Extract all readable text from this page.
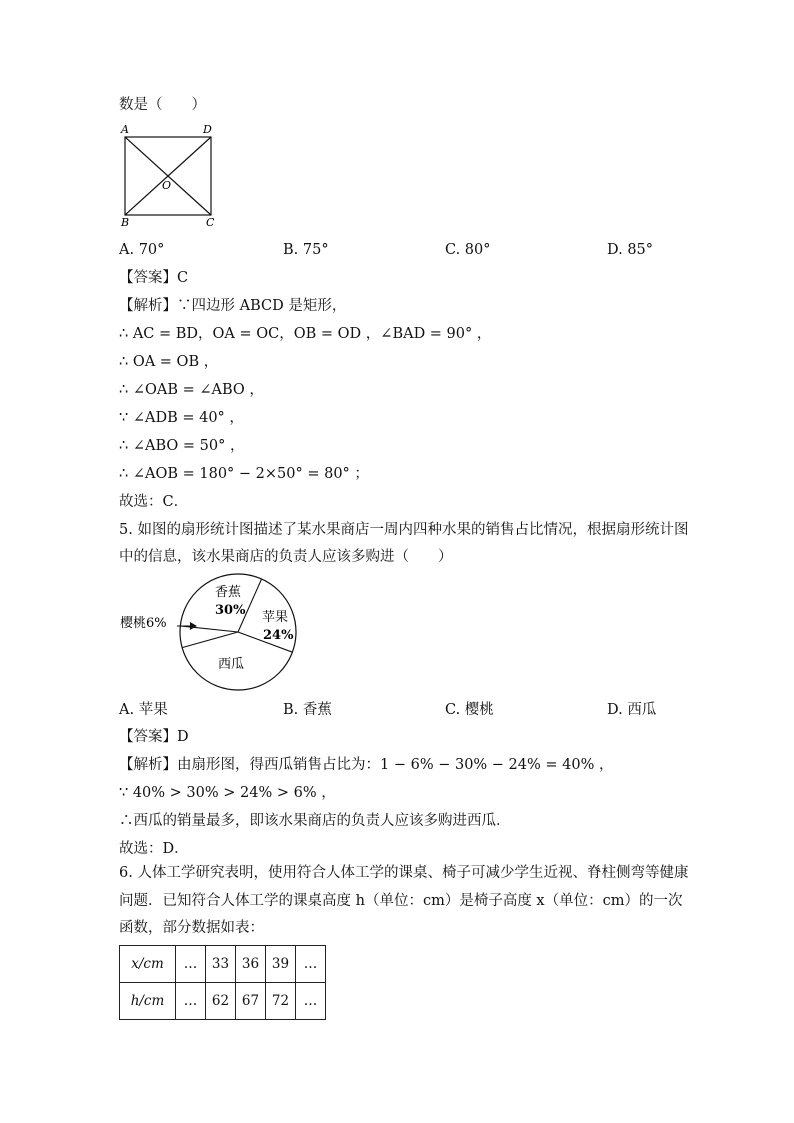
数是（　　）
A	D
B	C
O
A. 70°	B. 75°	C. 80°	D. 85°
【答案】C
【解析】∵四边形 ABCD 是矩形，
∴ AC = BD，OA = OC，OB = OD ，∠BAD = 90° ，
∴ OA = OB ，
∴ ∠OAB = ∠ABO ，
∵ ∠ADB = 40° ，
∴ ∠ABO = 50° ，
∴ ∠AOB = 180° − 2×50° = 80° ；
故选：C．
5. 如图的扇形统计图描述了某水果商店一周内四种水果的销售占比情况，根据扇形统计图
中的信息，该水果商店的负责人应该多购进（　　）
樱桃6%
香蕉
30% 苹果
24%
西瓜
A. 苹果	B. 香蕉	C. 樱桃	D. 西瓜
【答案】D
【解析】由扇形图，得西瓜销售占比为：1 − 6% − 30% − 24% = 40% ，
∵ 40% > 30% > 24% > 6% ，
∴西瓜的销量最多，即该水果商店的负责人应该多购进西瓜．
故选：D．
6. 人体工学研究表明，使用符合人体工学的课桌、椅子可减少学生近视、脊柱侧弯等健康
问题．已知符合人体工学的课桌高度 h（单位：cm）是椅子高度 x（单位：cm）的一次
函数，部分数据如表：
x/cm	…	33	36	39	…
h/cm	…	62	67	72	…
